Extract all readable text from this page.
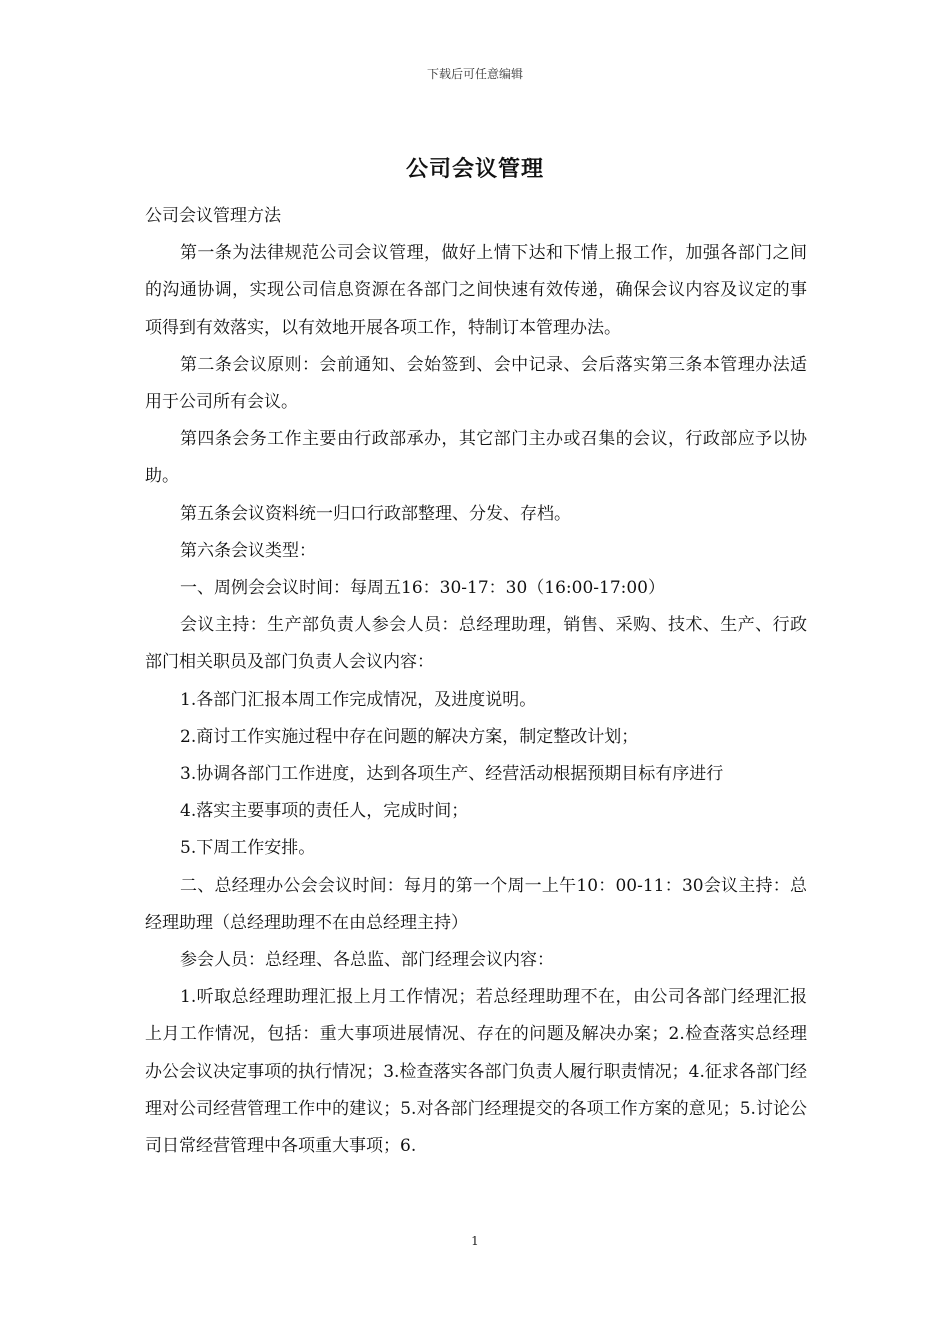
下载后可任意编辑
公司会议管理

公司会议管理方法

第一条为法律规范公司会议管理，做好上情下达和下情上报工作，加强各部门之间的沟通协调，实现公司信息资源在各部门之间快速有效传递，确保会议内容及议定的事项得到有效落实，以有效地开展各项工作，特制订本管理办法。

第二条会议原则：会前通知、会始签到、会中记录、会后落实第三条本管理办法适用于公司所有会议。

第四条会务工作主要由行政部承办，其它部门主办或召集的会议，行政部应予以协助。

第五条会议资料统一归口行政部整理、分发、存档。

第六条会议类型：

一、周例会会议时间：每周五16：30-17：30（16:00-17:00）

会议主持：生产部负责人参会人员：总经理助理，销售、采购、技术、生产、行政部门相关职员及部门负责人会议内容：

1.各部门汇报本周工作完成情况，及进度说明。

2.商讨工作实施过程中存在问题的解决方案，制定整改计划；

3.协调各部门工作进度，达到各项生产、经营活动根据预期目标有序进行

4.落实主要事项的责任人，完成时间；

5.下周工作安排。

二、总经理办公会会议时间：每月的第一个周一上午10：00-11：30会议主持：总经理助理（总经理助理不在由总经理主持）

参会人员：总经理、各总监、部门经理会议内容：

1.听取总经理助理汇报上月工作情况；若总经理助理不在，由公司各部门经理汇报上月工作情况，包括：重大事项进展情况、存在的问题及解决办案；2.检查落实总经理办公会议决定事项的执行情况；3.检查落实各部门负责人履行职责情况；4.征求各部门经理对公司经营管理工作中的建议；5.对各部门经理提交的各项工作方案的意见；5.讨论公司日常经营管理中各项重大事项；6.

1
